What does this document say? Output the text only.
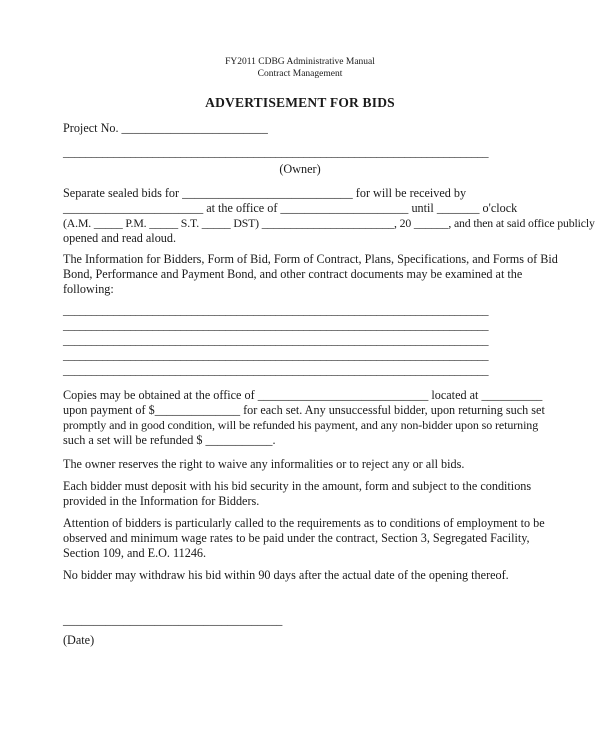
FY2011 CDBG Administrative Manual
Contract Management
ADVERTISEMENT FOR BIDS
Project No. ________________________
____________________________________________________________________________
(Owner)
Separate sealed bids for ____________________________ for will be received by
_______________________ at the office of _____________________ until _______ o'clock
(A.M. _____ P.M. _____ S.T. _____ DST) _______________________, 20 ______, and then at said office publicly
opened and read aloud.
The Information for Bidders, Form of Bid, Form of Contract, Plans, Specifications, and Forms of Bid
Bond, Performance and Payment Bond, and other contract documents may be examined at the
following:
____________________________________________________________________________
____________________________________________________________________________
____________________________________________________________________________
____________________________________________________________________________
____________________________________________________________________________
Copies may be obtained at the office of ____________________________ located at __________
upon payment of $______________ for each set. Any unsuccessful bidder, upon returning such set
promptly and in good condition, will be refunded his payment, and any non-bidder upon so returning
such a set will be refunded $ ___________.
The owner reserves the right to waive any informalities or to reject any or all bids.
Each bidder must deposit with his bid security in the amount, form and subject to the conditions
provided in the Information for Bidders.
Attention of bidders is particularly called to the requirements as to conditions of employment to be
observed and minimum wage rates to be paid under the contract, Section 3, Segregated Facility,
Section 109, and E.O. 11246.
No bidder may withdraw his bid within 90 days after the actual date of the opening thereof.
____________________________________
(Date)
